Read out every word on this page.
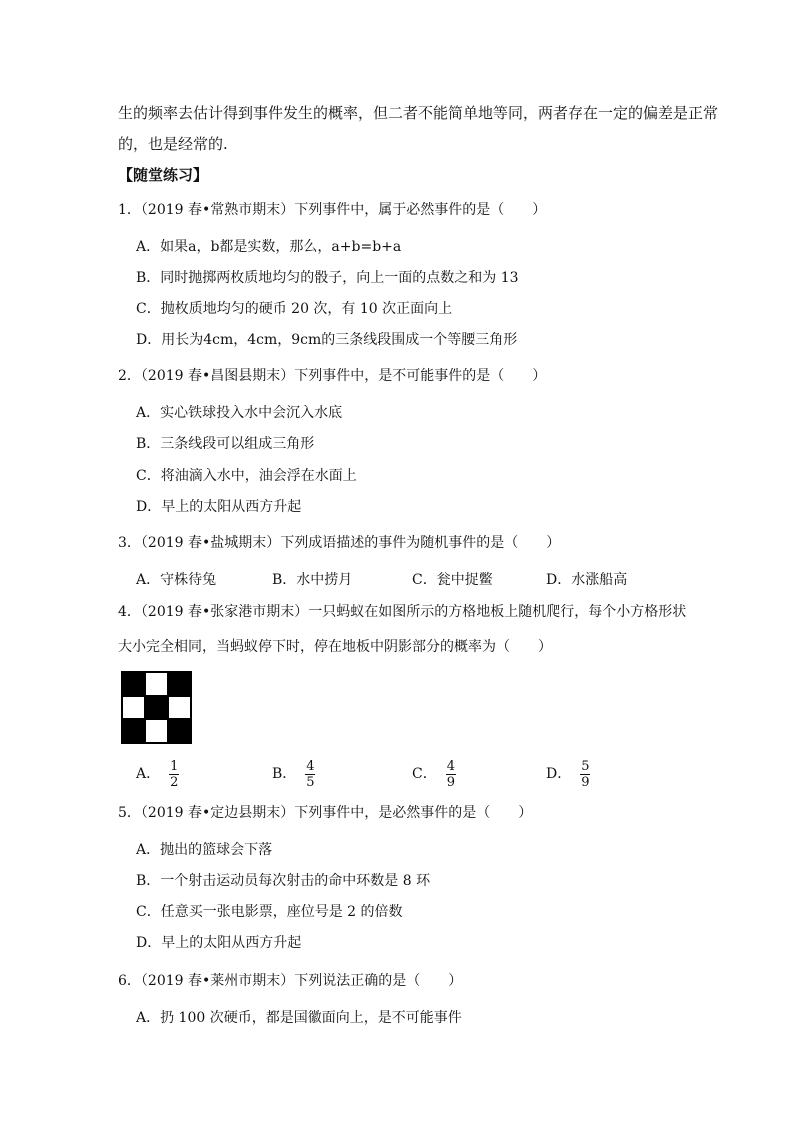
生的频率去估计得到事件发生的概率，但二者不能简单地等同，两者存在一定的偏差是正常
的，也是经常的.
【随堂练习】
1．（2019 春•常熟市期末）下列事件中，属于必然事件的是（　　）
A．如果a，b都是实数，那么，a+b=b+a
B．同时抛掷两枚质地均匀的骰子，向上一面的点数之和为 13
C．抛枚质地均匀的硬币 20 次，有 10 次正面向上
D．用长为4cm，4cm，9cm的三条线段围成一个等腰三角形
2．（2019 春•昌图县期末）下列事件中，是不可能事件的是（　　）
A．实心铁球投入水中会沉入水底
B．三条线段可以组成三角形
C．将油滴入水中，油会浮在水面上
D．早上的太阳从西方升起
3．（2019 春•盐城期末）下列成语描述的事件为随机事件的是（　　）
A．守株待兔	B．水中捞月	C．瓮中捉鳖	D．水涨船高
4．（2019 春•张家港市期末）一只蚂蚁在如图所示的方格地板上随机爬行，每个小方格形状
大小完全相同，当蚂蚁停下时，停在地板中阴影部分的概率为（　　）
A． $\frac{1}{2}$	B． $\frac{4}{5}$	C． $\frac{4}{9}$	D． $\frac{5}{9}$
5．（2019 春•定边县期末）下列事件中，是必然事件的是（　　）
A．抛出的篮球会下落
B．一个射击运动员每次射击的命中环数是 8 环
C．任意买一张电影票，座位号是 2 的倍数
D．早上的太阳从西方升起
6．（2019 春•莱州市期末）下列说法正确的是（　　）
A．扔 100 次硬币，都是国徽面向上，是不可能事件
